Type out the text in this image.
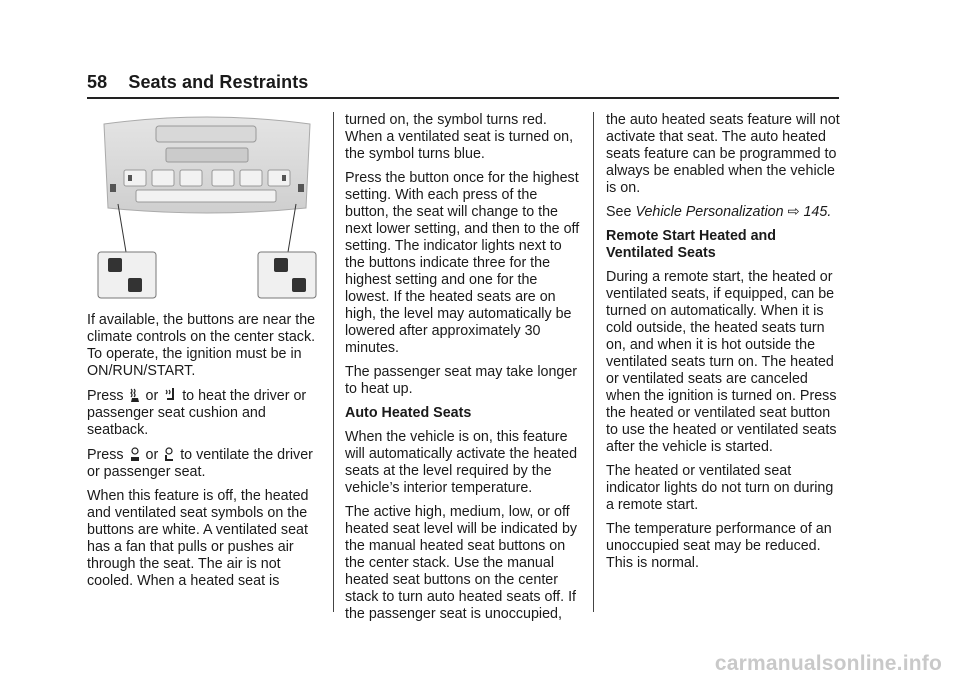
58 Seats and Restraints

If available, the buttons are near the climate controls on the center stack. To operate, the ignition must be in ON/RUN/START.

Press or to heat the driver or passenger seat cushion and seatback.

Press or to ventilate the driver or passenger seat.

When this feature is off, the heated and ventilated seat symbols on the buttons are white. A ventilated seat has a fan that pulls or pushes air through the seat. The air is not cooled. When a heated seat is

turned on, the symbol turns red. When a ventilated seat is turned on, the symbol turns blue.

Press the button once for the highest setting. With each press of the button, the seat will change to the next lower setting, and then to the off setting. The indicator lights next to the buttons indicate three for the highest setting and one for the lowest. If the heated seats are on high, the level may automatically be lowered after approximately 30 minutes.

The passenger seat may take longer to heat up.

Auto Heated Seats

When the vehicle is on, this feature will automatically activate the heated seats at the level required by the vehicle’s interior temperature.

The active high, medium, low, or off heated seat level will be indicated by the manual heated seat buttons on the center stack. Use the manual heated seat buttons on the center stack to turn auto heated seats off. If the passenger seat is unoccupied,

the auto heated seats feature will not activate that seat. The auto heated seats feature can be programmed to always be enabled when the vehicle is on.

See Vehicle Personalization ⇨ 145.

Remote Start Heated and Ventilated Seats

During a remote start, the heated or ventilated seats, if equipped, can be turned on automatically. When it is cold outside, the heated seats turn on, and when it is hot outside the ventilated seats turn on. The heated or ventilated seats are canceled when the ignition is turned on. Press the heated or ventilated seat button to use the heated or ventilated seats after the vehicle is started.

The heated or ventilated seat indicator lights do not turn on during a remote start.

The temperature performance of an unoccupied seat may be reduced. This is normal.

carmanualsonline.info
